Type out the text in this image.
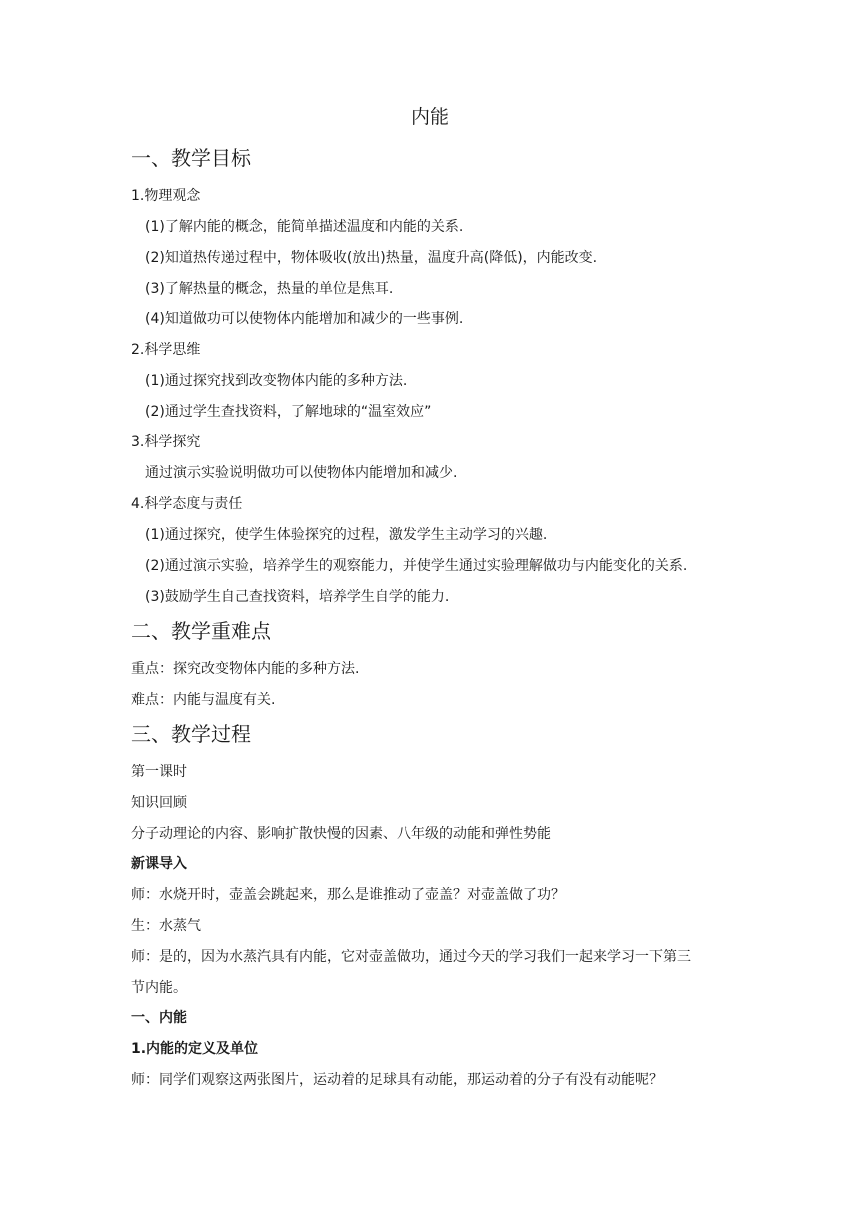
内能
一、教学目标
1.物理观念
(1)了解内能的概念，能简单描述温度和内能的关系.
(2)知道热传递过程中，物体吸收(放出)热量，温度升高(降低)，内能改变.
(3)了解热量的概念，热量的单位是焦耳.
(4)知道做功可以使物体内能增加和减少的一些事例.
2.科学思维
(1)通过探究找到改变物体内能的多种方法.
(2)通过学生查找资料，了解地球的“温室效应”
3.科学探究
通过演示实验说明做功可以使物体内能增加和减少.
4.科学态度与责任
(1)通过探究，使学生体验探究的过程，激发学生主动学习的兴趣.
(2)通过演示实验，培养学生的观察能力，并使学生通过实验理解做功与内能变化的关系.
(3)鼓励学生自己查找资料，培养学生自学的能力.
二、教学重难点
重点：探究改变物体内能的多种方法.
难点：内能与温度有关.
三、教学过程
第一课时
知识回顾
分子动理论的内容、影响扩散快慢的因素、八年级的动能和弹性势能
新课导入
师：水烧开时，壶盖会跳起来，那么是谁推动了壶盖？对壶盖做了功？
生：水蒸气
师：是的，因为水蒸汽具有内能，它对壶盖做功，通过今天的学习我们一起来学习一下第三
节内能。
一、内能
1.内能的定义及单位
师：同学们观察这两张图片，运动着的足球具有动能，那运动着的分子有没有动能呢？
